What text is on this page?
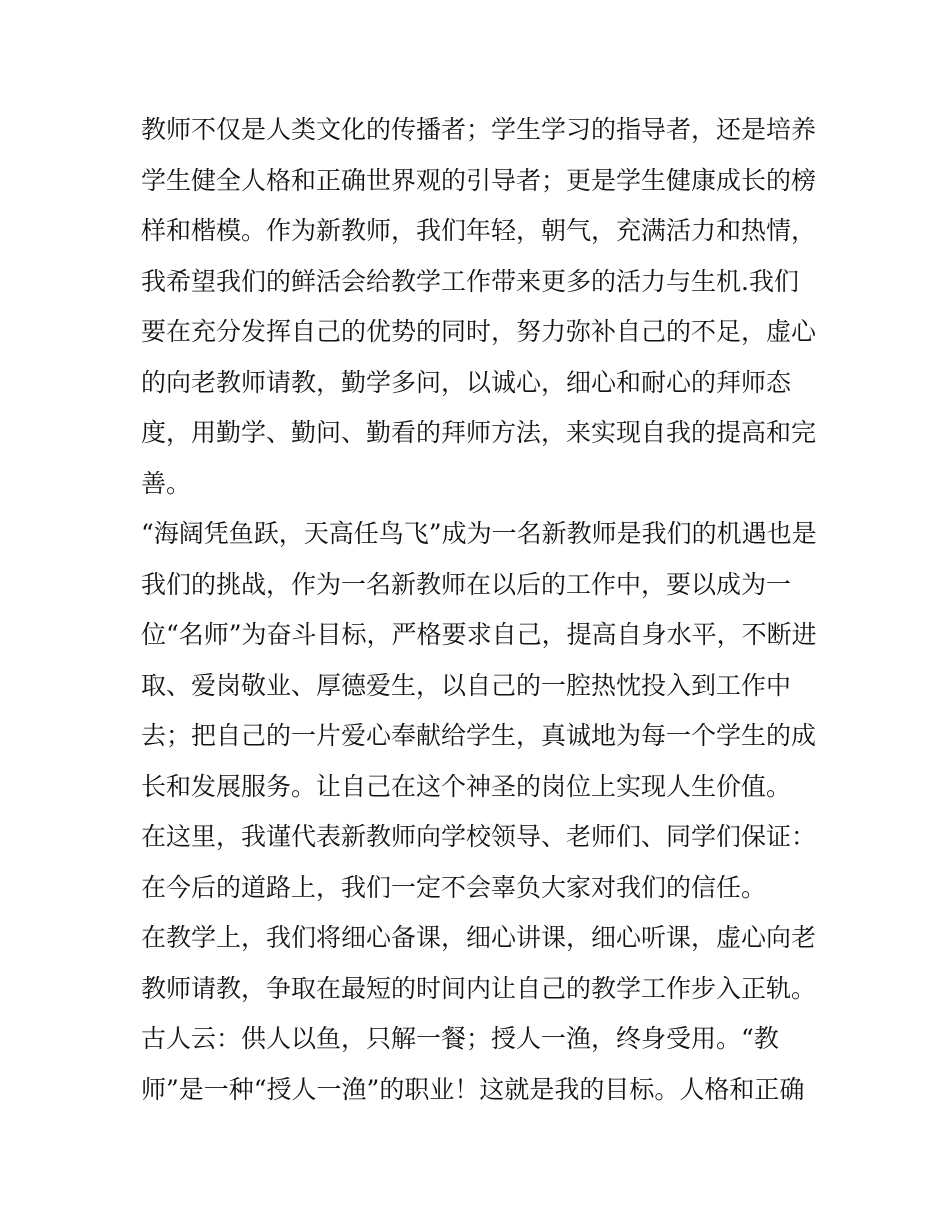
教师不仅是人类文化的传播者；学生学习的指导者，还是培养
学生健全人格和正确世界观的引导者；更是学生健康成长的榜
样和楷模。作为新教师，我们年轻，朝气，充满活力和热情，
我希望我们的鲜活会给教学工作带来更多的活力与生机.我们
要在充分发挥自己的优势的同时，努力弥补自己的不足，虚心
的向老教师请教，勤学多问，以诚心，细心和耐心的拜师态
度，用勤学、勤问、勤看的拜师方法，来实现自我的提高和完
善。
“海阔凭鱼跃，天高任鸟飞”成为一名新教师是我们的机遇也是
我们的挑战，作为一名新教师在以后的工作中，要以成为一
位“名师”为奋斗目标，严格要求自己，提高自身水平，不断进
取、爱岗敬业、厚德爱生，以自己的一腔热忱投入到工作中
去；把自己的一片爱心奉献给学生，真诚地为每一个学生的成
长和发展服务。让自己在这个神圣的岗位上实现人生价值。
在这里，我谨代表新教师向学校领导、老师们、同学们保证：
在今后的道路上，我们一定不会辜负大家对我们的信任。
在教学上，我们将细心备课，细心讲课，细心听课，虚心向老
教师请教，争取在最短的时间内让自己的教学工作步入正轨。
古人云：供人以鱼，只解一餐；授人一渔，终身受用。“教
师”是一种“授人一渔”的职业！这就是我的目标。人格和正确
